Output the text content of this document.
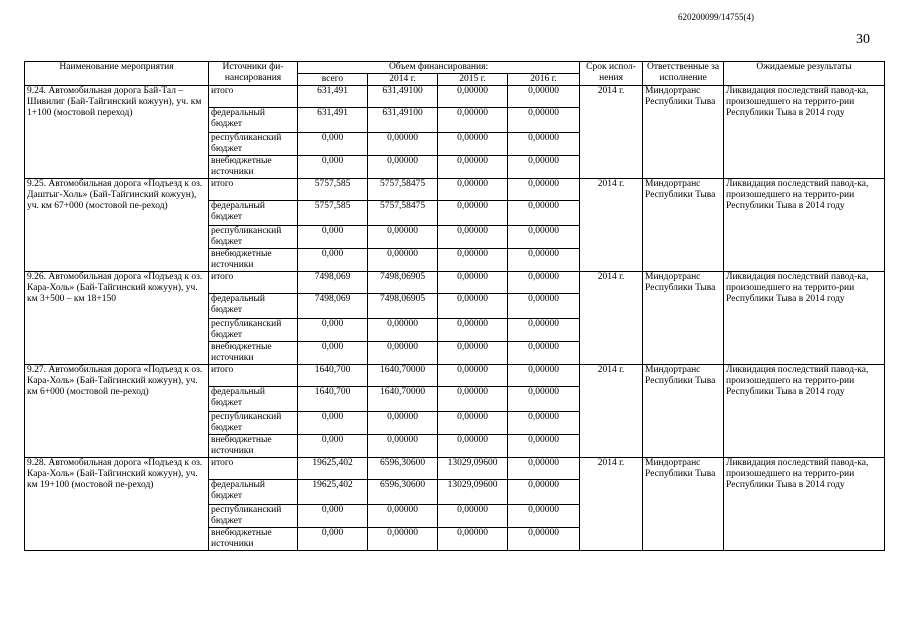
620200099/14755(4)
30
Наименование мероприятия	Источники фи-нансирования	Объем финансирования:				Срок испол-нения	Ответственные за исполнение	Ожидаемые результаты
		всего	2014 г.	2015 г.	2016 г.			
9.24. Автомобильная дорога Бай-Тал – Шивилиг (Бай-Тайгинский кожуун), уч. км 1+100 (мостовой переход)	итого	631,491	631,49100	0,00000	0,00000	2014 г.	Миндортранс Республики Тыва	Ликвидация последствий павод-ка, произошедшего на террито-рии Республики Тыва в 2014 году
	федеральный бюджет	631,491	631,49100	0,00000	0,00000			
	республиканский бюджет	0,000	0,00000	0,00000	0,00000			
	внебюджетные источники	0,000	0,00000	0,00000	0,00000			
9.25. Автомобильная дорога «Подъезд к оз. Даштыг-Холь» (Бай-Тайгинский кожуун), уч. км 67+000 (мостовой пе-реход)	итого	5757,585	5757,58475	0,00000	0,00000	2014 г.	Миндортранс Республики Тыва	Ликвидация последствий павод-ка, произошедшего на террито-рии Республики Тыва в 2014 году
	федеральный бюджет	5757,585	5757,58475	0,00000	0,00000			
	республиканский бюджет	0,000	0,00000	0,00000	0,00000			
	внебюджетные источники	0,000	0,00000	0,00000	0,00000			
9.26. Автомобильная дорога «Подъезд к оз. Кара-Холь» (Бай-Тайгинский кожуун), уч. км 3+500 – км 18+150	итого	7498,069	7498,06905	0,00000	0,00000	2014 г.	Миндортранс Республики Тыва	Ликвидация последствий павод-ка, произошедшего на террито-рии Республики Тыва в 2014 году
	федеральный бюджет	7498,069	7498,06905	0,00000	0,00000			
	республиканский бюджет	0,000	0,00000	0,00000	0,00000			
	внебюджетные источники	0,000	0,00000	0,00000	0,00000			
9.27. Автомобильная дорога «Подъезд к оз. Кара-Холь» (Бай-Тайгинский кожуун), уч. км 6+000 (мостовой пе-реход)	итого	1640,700	1640,70000	0,00000	0,00000	2014 г.	Миндортранс Республики Тыва	Ликвидация последствий павод-ка, произошедшего на террито-рии Республики Тыва в 2014 году
	федеральный бюджет	1640,700	1640,70000	0,00000	0,00000			
	республиканский бюджет	0,000	0,00000	0,00000	0,00000			
	внебюджетные источники	0,000	0,00000	0,00000	0,00000			
9.28. Автомобильная дорога «Подъезд к оз. Кара-Холь» (Бай-Тайгинский кожуун), уч. км 19+100 (мостовой пе-реход)	итого	19625,402	6596,30600	13029,09600	0,00000	2014 г.	Миндортранс Республики Тыва	Ликвидация последствий павод-ка, произошедшего на террито-рии Республики Тыва в 2014 году
	федеральный бюджет	19625,402	6596,30600	13029,09600	0,00000			
	республиканский бюджет	0,000	0,00000	0,00000	0,00000			
	внебюджетные источники	0,000	0,00000	0,00000	0,00000			
